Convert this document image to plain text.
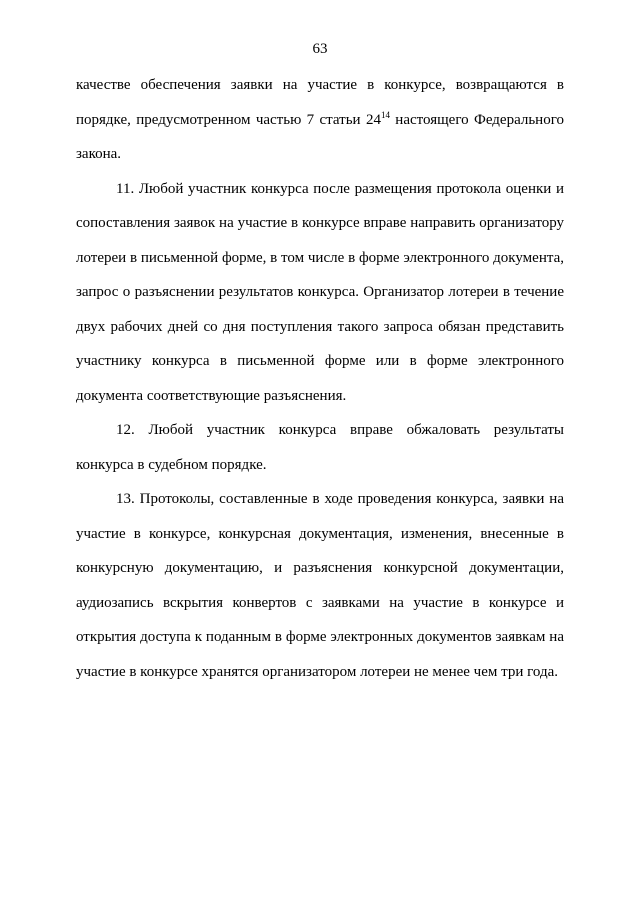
63

качестве обеспечения заявки на участие в конкурсе, возвращаются в порядке, предусмотренном частью 7 статьи $24^{14}$ настоящего Федерального закона.

11. Любой участник конкурса после размещения протокола оценки и сопоставления заявок на участие в конкурсе вправе направить организатору лотереи в письменной форме, в том числе в форме электронного документа, запрос о разъяснении результатов конкурса. Организатор лотереи в течение двух рабочих дней со дня поступления такого запроса обязан представить участнику конкурса в письменной форме или в форме электронного документа соответствующие разъяснения.

12. Любой участник конкурса вправе обжаловать результаты конкурса в судебном порядке.

13. Протоколы, составленные в ходе проведения конкурса, заявки на участие в конкурсе, конкурсная документация, изменения, внесенные в конкурсную документацию, и разъяснения конкурсной документации, аудиозапись вскрытия конвертов с заявками на участие в конкурсе и открытия доступа к поданным в форме электронных документов заявкам на участие в конкурсе хранятся организатором лотереи не менее чем три года.
